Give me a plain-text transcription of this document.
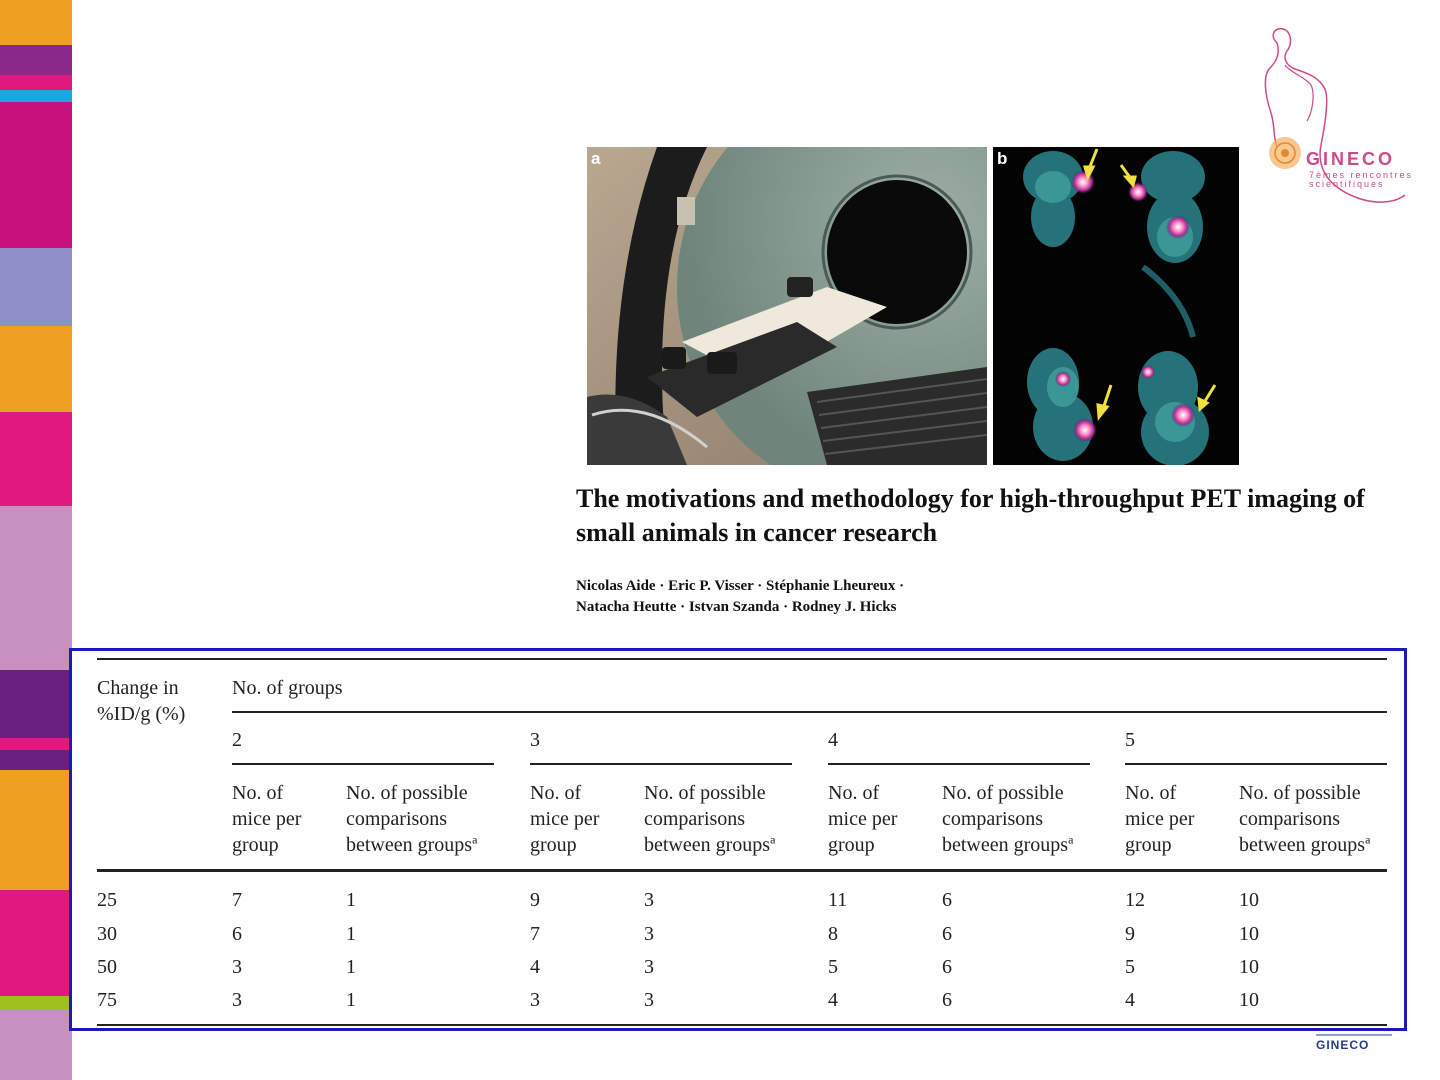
GINECO
7èmes rencontres
scientifiques
a	b
The motivations and methodology for high-throughput PET imaging of small animals in cancer research
Nicolas Aide · Eric P. Visser · Stéphanie Lheureux ·
Natacha Heutte · Istvan Szanda · Rodney J. Hicks
Change in
%ID/g (%)
No. of groups
2	3	4	5
No. of
mice per
group
No. of possible
comparisons
between groups$^a$
No. of
mice per
group
No. of possible
comparisons
between groups$^a$
No. of
mice per
group
No. of possible
comparisons
between groups$^a$
No. of
mice per
group
No. of possible
comparisons
between groups$^a$
25	7	1	9	3	11	6	12	10
30	6	1	7	3	8	6	9	10
50	3	1	4	3	5	6	5	10
75	3	1	3	3	4	6	4	10
GINECO
